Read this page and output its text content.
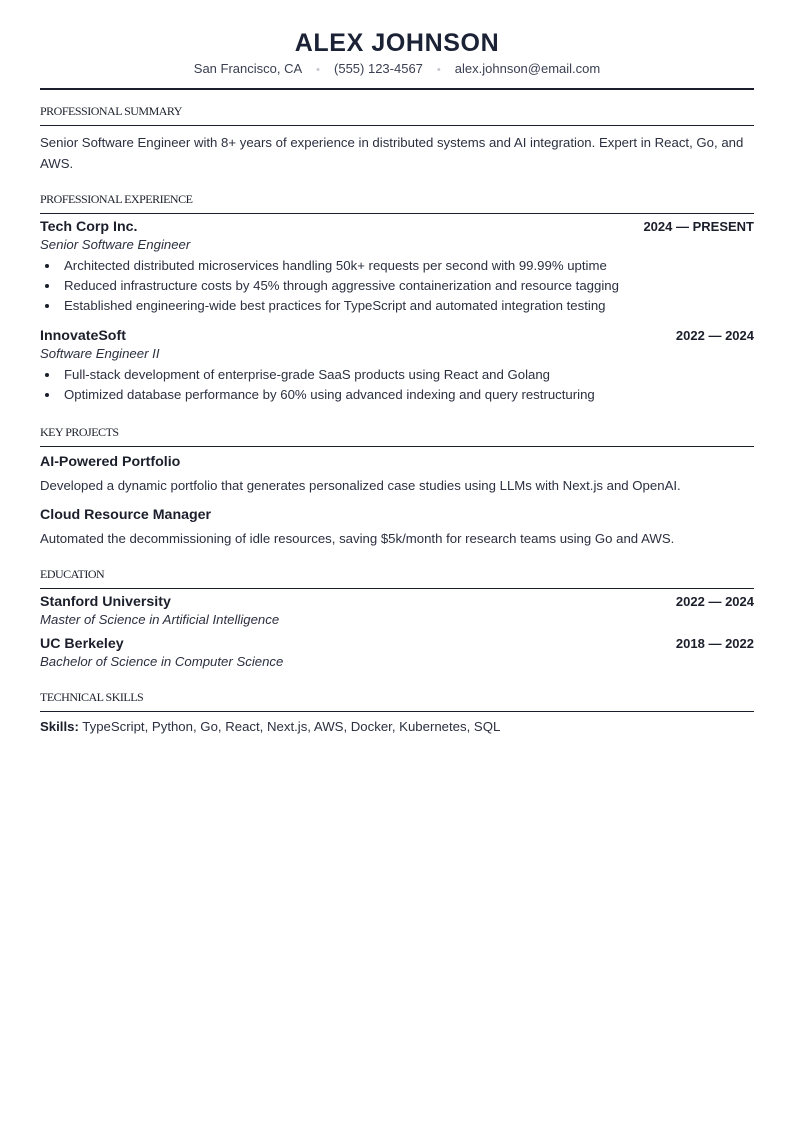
ALEX JOHNSON
San Francisco, CA • (555) 123-4567 • alex.johnson@email.com
PROFESSIONAL SUMMARY
Senior Software Engineer with 8+ years of experience in distributed systems and AI integration. Expert in React, Go, and AWS.
PROFESSIONAL EXPERIENCE
Tech Corp Inc.	2024 — PRESENT
Senior Software Engineer
Architected distributed microservices handling 50k+ requests per second with 99.99% uptime
Reduced infrastructure costs by 45% through aggressive containerization and resource tagging
Established engineering-wide best practices for TypeScript and automated integration testing
InnovateSoft	2022 — 2024
Software Engineer II
Full-stack development of enterprise-grade SaaS products using React and Golang
Optimized database performance by 60% using advanced indexing and query restructuring
KEY PROJECTS
AI-Powered Portfolio
Developed a dynamic portfolio that generates personalized case studies using LLMs with Next.js and OpenAI.
Cloud Resource Manager
Automated the decommissioning of idle resources, saving $5k/month for research teams using Go and AWS.
EDUCATION
Stanford University	2022 — 2024
Master of Science in Artificial Intelligence
UC Berkeley	2018 — 2022
Bachelor of Science in Computer Science
TECHNICAL SKILLS
Skills: TypeScript, Python, Go, React, Next.js, AWS, Docker, Kubernetes, SQL
